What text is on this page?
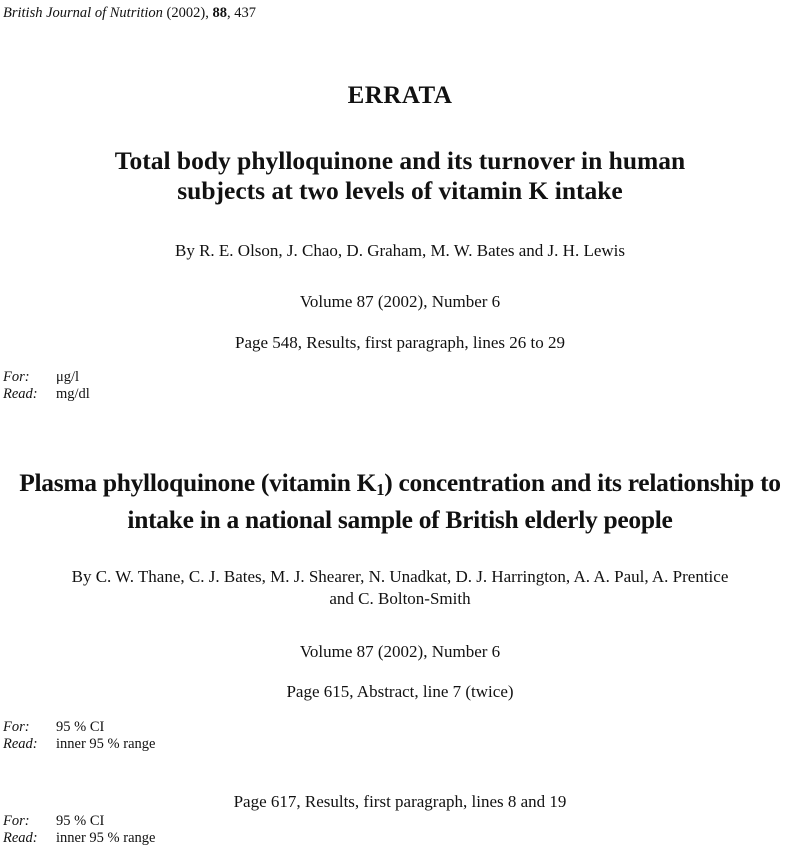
British Journal of Nutrition (2002), 88, 437
ERRATA
Total body phylloquinone and its turnover in human
subjects at two levels of vitamin K intake
By R. E. Olson, J. Chao, D. Graham, M. W. Bates and J. H. Lewis
Volume 87 (2002), Number 6
Page 548, Results, first paragraph, lines 26 to 29
For:	μg/l
Read:	mg/dl
Plasma phylloquinone (vitamin $K_1$) concentration and its relationship to
intake in a national sample of British elderly people
By C. W. Thane, C. J. Bates, M. J. Shearer, N. Unadkat, D. J. Harrington, A. A. Paul, A. Prentice
and C. Bolton-Smith
Volume 87 (2002), Number 6
Page 615, Abstract, line 7 (twice)
For:	95 % CI
Read:	inner 95 % range
Page 617, Results, first paragraph, lines 8 and 19
For:	95 % CI
Read:	inner 95 % range
